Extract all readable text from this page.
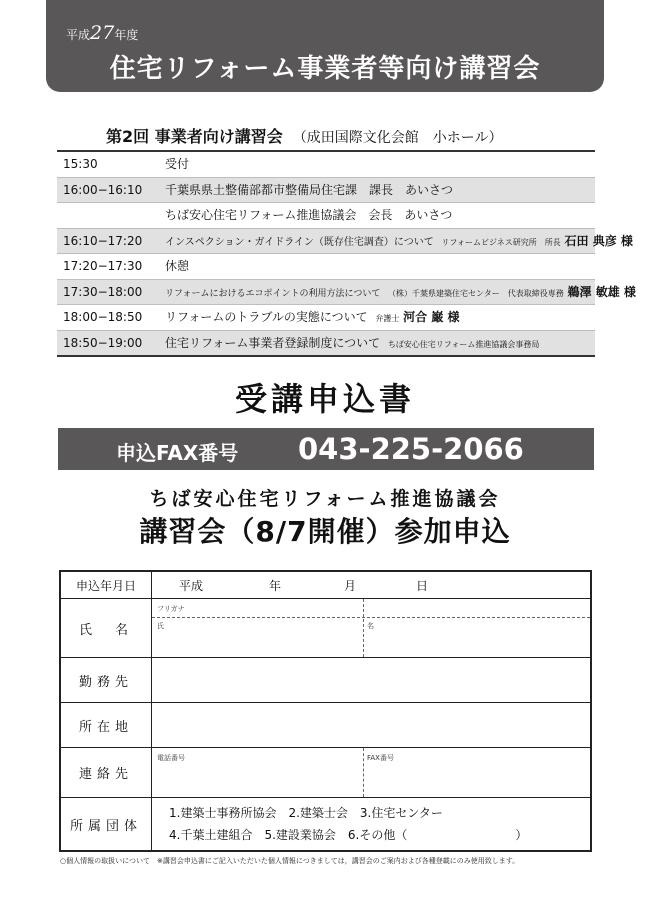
平成27年度
住宅リフォーム事業者等向け講習会
第2回 事業者向け講習会 （成田国際文化会館　小ホール）
15:30	受付
16:00−16:10 千葉県県土整備部都市整備局住宅課　課長　あいさつ
ちば安心住宅リフォーム推進協議会　会長　あいさつ
16:10−17:20 インスペクション・ガイドライン（既存住宅調査）について リフォームビジネス研究所　所長 石田 典彦 様
17:20−17:30 休憩
17:30−18:00	リフォームにおけるエコポイントの利用方法について （株）千葉県建築住宅センター　代表取締役専務 鵜澤 敏雄 様
18:00−18:50 リフォームのトラブルの実態について 弁護士 河合 巌 様
18:50−19:00 住宅リフォーム事業者登録制度について ちば安心住宅リフォーム推進協議会事務局
受講申込書
申込FAX番号 043-225-2066
ちば安心住宅リフォーム推進協議会
講習会（8/7開催）参加申込
申込年月日	平成	年	月	日
氏　名
フリガナ
氏	名
勤務先
所在地
連絡先
電話番号	FAX番号
所属団体
1.建築士事務所協会　2.建築士会　3.住宅センター
4.千葉土建組合　5.建設業協会　6.その他（　　　　　　　　　）
○個人情報の取扱いについて　※講習会申込書にご記入いただいた個人情報につきましては，講習会のご案内および各種登載にのみ使用致します。
